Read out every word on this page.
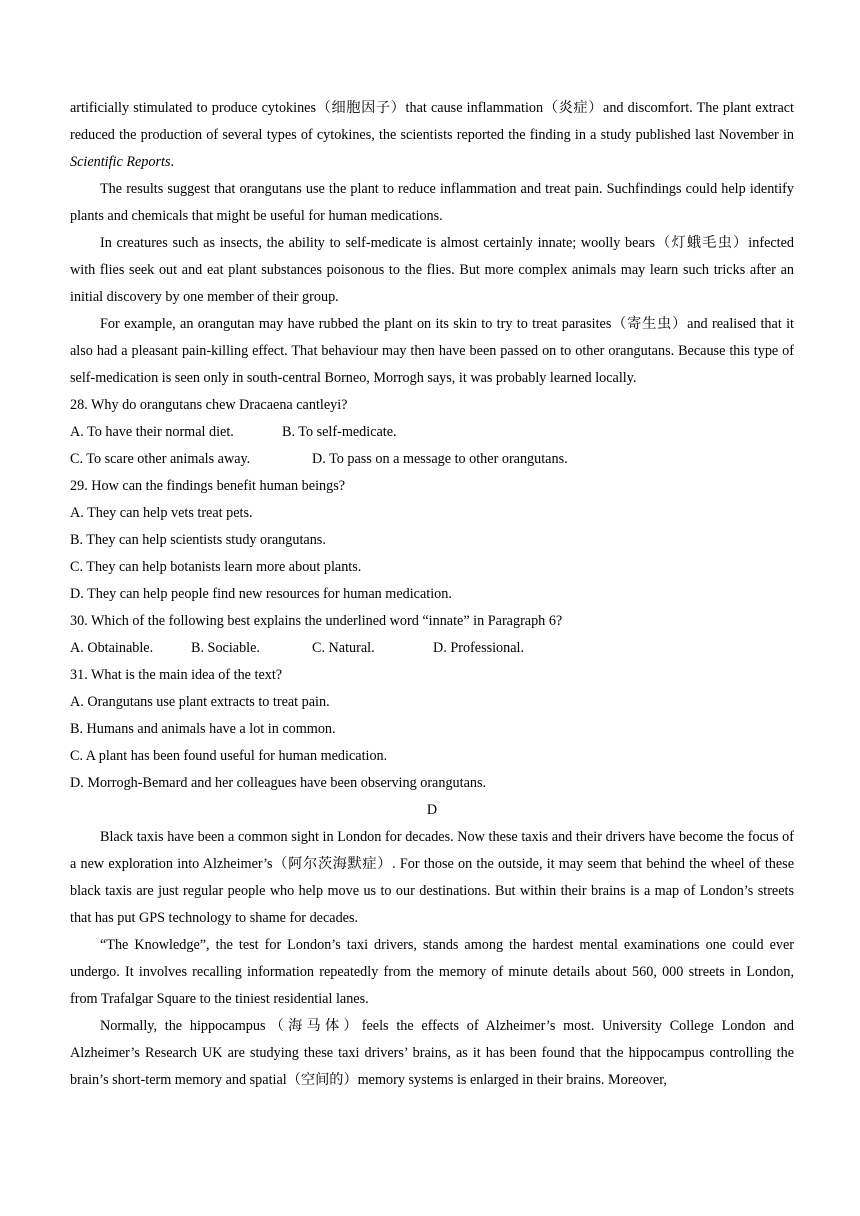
artificially stimulated to produce cytokines（细胞因子）that cause inflammation（炎症）and discomfort. The plant extract reduced the production of several types of cytokines, the scientists reported the finding in a study published last November in Scientific Reports.

The results suggest that orangutans use the plant to reduce inflammation and treat pain. Suchfindings could help identify plants and chemicals that might be useful for human medications.

In creatures such as insects, the ability to self-medicate is almost certainly innate; woolly bears（灯蛾毛虫）infected with flies seek out and eat plant substances poisonous to the flies. But more complex animals may learn such tricks after an initial discovery by one member of their group.

For example, an orangutan may have rubbed the plant on its skin to try to treat parasites（寄生虫）and realised that it also had a pleasant pain-killing effect. That behaviour may then have been passed on to other orangutans. Because this type of self-medication is seen only in south-central Borneo, Morrogh says, it was probably learned locally.

28. Why do orangutans chew Dracaena cantleyi?

A. To have their normal diet.	B. To self-medicate.

C. To scare other animals away.	D. To pass on a message to other orangutans.

29. How can the findings benefit human beings?

A. They can help vets treat pets.

B. They can help scientists study orangutans.

C. They can help botanists learn more about plants.

D. They can help people find new resources for human medication.

30. Which of the following best explains the underlined word “innate” in Paragraph 6?

A. Obtainable.	B. Sociable.	C. Natural.	D. Professional.

31. What is the main idea of the text?

A. Orangutans use plant extracts to treat pain.

B. Humans and animals have a lot in common.

C. A plant has been found useful for human medication.

D. Morrogh-Bemard and her colleagues have been observing orangutans.

D

Black taxis have been a common sight in London for decades. Now these taxis and their drivers have become the focus of a new exploration into Alzheimer’s（阿尔茨海默症）. For those on the outside, it may seem that behind the wheel of these black taxis are just regular people who help move us to our destinations. But within their brains is a map of London’s streets that has put GPS technology to shame for decades.

“The Knowledge”, the test for London’s taxi drivers, stands among the hardest mental examinations one could ever undergo. It involves recalling information repeatedly from the memory of minute details about 560, 000 streets in London, from Trafalgar Square to the tiniest residential lanes.

Normally, the hippocampus（海马体）feels the effects of Alzheimer’s most. University College London and Alzheimer’s Research UK are studying these taxi drivers’ brains, as it has been found that the hippocampus controlling the brain’s short-term memory and spatial（空间的）memory systems is enlarged in their brains. Moreover,
